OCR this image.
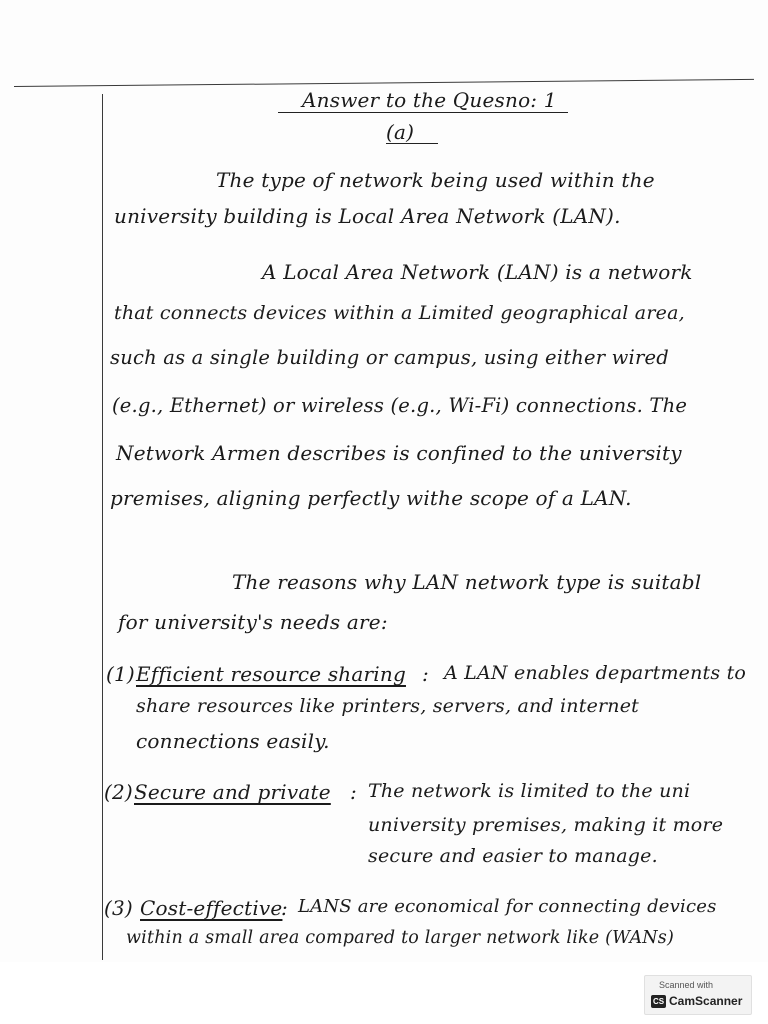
Answer to the Quesno: 1
(a)
The type of network being used within the
university building is Local Area Network (LAN).
A Local Area Network (LAN) is a network
that connects devices within a Limited geographical area,
such as a single building or campus, using either wired
(e.g., Ethernet) or wireless (e.g., Wi-Fi) connections. The
Network Armen describes is confined to the university
premises, aligning perfectly withe scope of a LAN.
The reasons why LAN network type is suitabl
for university's needs are:
(1) Efficient resource sharing : A LAN enables departments to
share resources like printers, servers, and internet
connections easily.
(2) Secure and private : The network is limited to the uni
university premises, making it more
secure and easier to manage.
(3) Cost-effective
: LANS are economical for connecting devices
within a small area compared to larger network like (WANs)
Scanned with
CS CamScanner
